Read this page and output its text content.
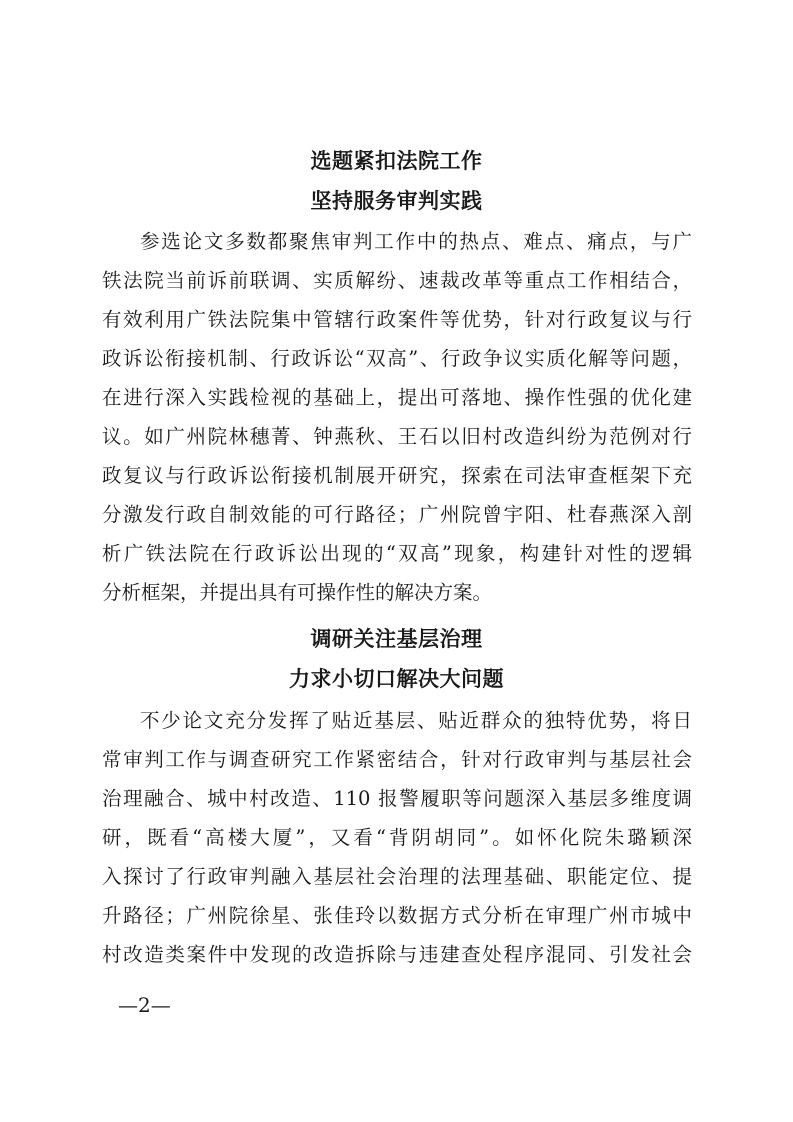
选题紧扣法院工作
坚持服务审判实践
参选论文多数都聚焦审判工作中的热点、难点、痛点，与广
铁法院当前诉前联调、实质解纷、速裁改革等重点工作相结合，
有效利用广铁法院集中管辖行政案件等优势，针对行政复议与行
政诉讼衔接机制、行政诉讼“双高”、行政争议实质化解等问题，
在进行深入实践检视的基础上，提出可落地、操作性强的优化建
议。如广州院林穗菁、钟燕秋、王石以旧村改造纠纷为范例对行
政复议与行政诉讼衔接机制展开研究，探索在司法审查框架下充
分激发行政自制效能的可行路径；广州院曾宇阳、杜春燕深入剖
析广铁法院在行政诉讼出现的“双高”现象，构建针对性的逻辑
分析框架，并提出具有可操作性的解决方案。
调研关注基层治理
力求小切口解决大问题
不少论文充分发挥了贴近基层、贴近群众的独特优势，将日
常审判工作与调查研究工作紧密结合，针对行政审判与基层社会
治理融合、城中村改造、110 报警履职等问题深入基层多维度调
研，既看“高楼大厦”，又看“背阴胡同”。如怀化院朱璐颖深
入探讨了行政审判融入基层社会治理的法理基础、职能定位、提
升路径；广州院徐星、张佳玲以数据方式分析在审理广州市城中
村改造类案件中发现的改造拆除与违建查处程序混同、引发社会
—2—
